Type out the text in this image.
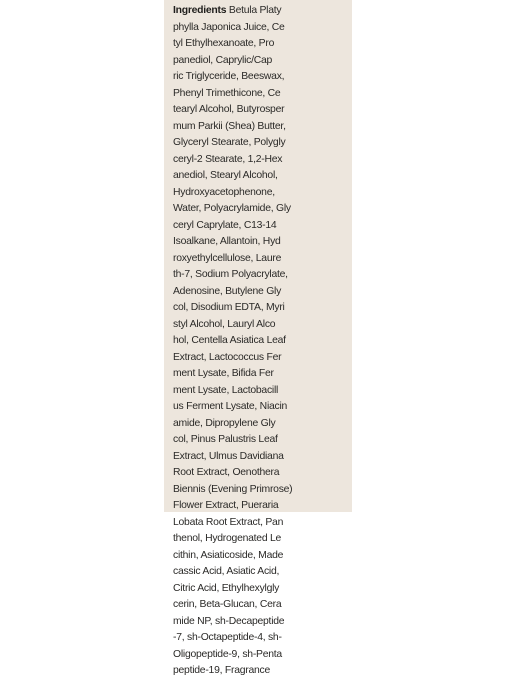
Ingredients Betula Platy
phylla Japonica Juice, Ce
tyl Ethylhexanoate, Pro
panediol, Caprylic/Cap
ric Triglyceride, Beeswax,
Phenyl Trimethicone, Ce
tearyl Alcohol, Butyrosper
mum Parkii (Shea) Butter,
Glyceryl Stearate, Polygly
ceryl-2 Stearate, 1,2-Hex
anediol, Stearyl Alcohol,
Hydroxyacetophenone,
Water, Polyacrylamide, Gly
ceryl Caprylate, C13-14
Isoalkane, Allantoin, Hyd
roxyethylcellulose, Laure
th-7, Sodium Polyacrylate,
Adenosine, Butylene Gly
col, Disodium EDTA, Myri
styl Alcohol, Lauryl Alco
hol, Centella Asiatica Leaf
Extract, Lactococcus Fer
ment Lysate, Bifida Fer
ment Lysate, Lactobacill
us Ferment Lysate, Niacin
amide, Dipropylene Gly
col, Pinus Palustris Leaf
Extract, Ulmus Davidiana
Root Extract, Oenothera
Biennis (Evening Primrose)
Flower Extract, Pueraria
Lobata Root Extract, Pan
thenol, Hydrogenated Le
cithin, Asiaticoside, Made
cassic Acid, Asiatic Acid,
Citric Acid, Ethylhexylgly
cerin, Beta-Glucan, Cera
mide NP, sh-Decapeptide
-7, sh-Octapeptide-4, sh-
Oligopeptide-9, sh-Penta
peptide-19, Fragrance
